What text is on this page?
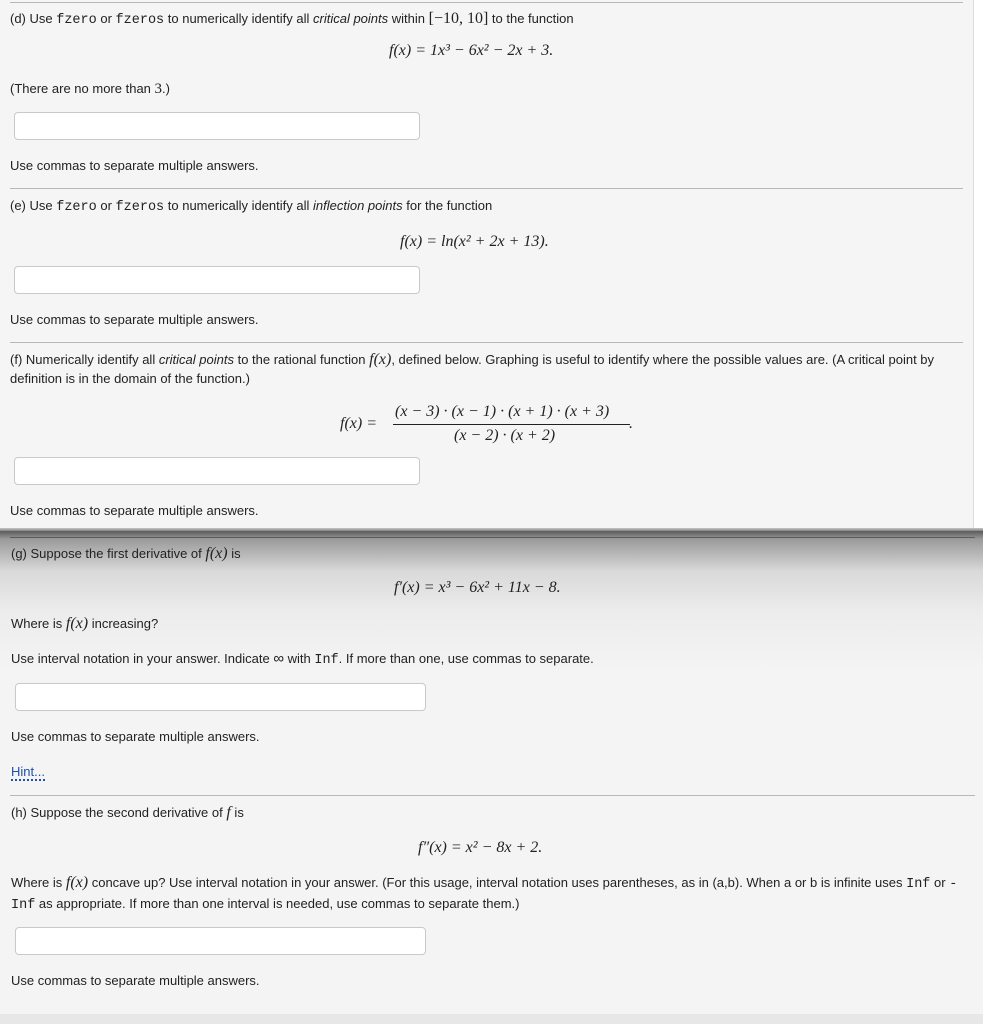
(d) Use fzero or fzeros to numerically identify all critical points within [−10, 10] to the function
f(x) = 1x³ − 6x² − 2x + 3.
(There are no more than 3.)
Use commas to separate multiple answers.
(e) Use fzero or fzeros to numerically identify all inflection points for the function
f(x) = ln(x² + 2x + 13).
Use commas to separate multiple answers.
(f) Numerically identify all critical points to the rational function f(x), defined below. Graphing is useful to identify where the possible values are. (A critical point by definition is in the domain of the function.)
f(x) =
(x − 3) · (x − 1) · (x + 1) · (x + 3)
(x − 2) · (x + 2)
.
Use commas to separate multiple answers.
(g) Suppose the first derivative of f(x) is
f′(x) = x³ − 6x² + 11x − 8.
Where is f(x) increasing?
Use interval notation in your answer. Indicate ∞ with Inf. If more than one, use commas to separate.
Use commas to separate multiple answers.
Hint...
(h) Suppose the second derivative of f is
f″(x) = x² − 8x + 2.
Where is f(x) concave up? Use interval notation in your answer. (For this usage, interval notation uses parentheses, as in (a,b). When a or b is infinite uses Inf or -Inf as appropriate. If more than one interval is needed, use commas to separate them.)
Use commas to separate multiple answers.
